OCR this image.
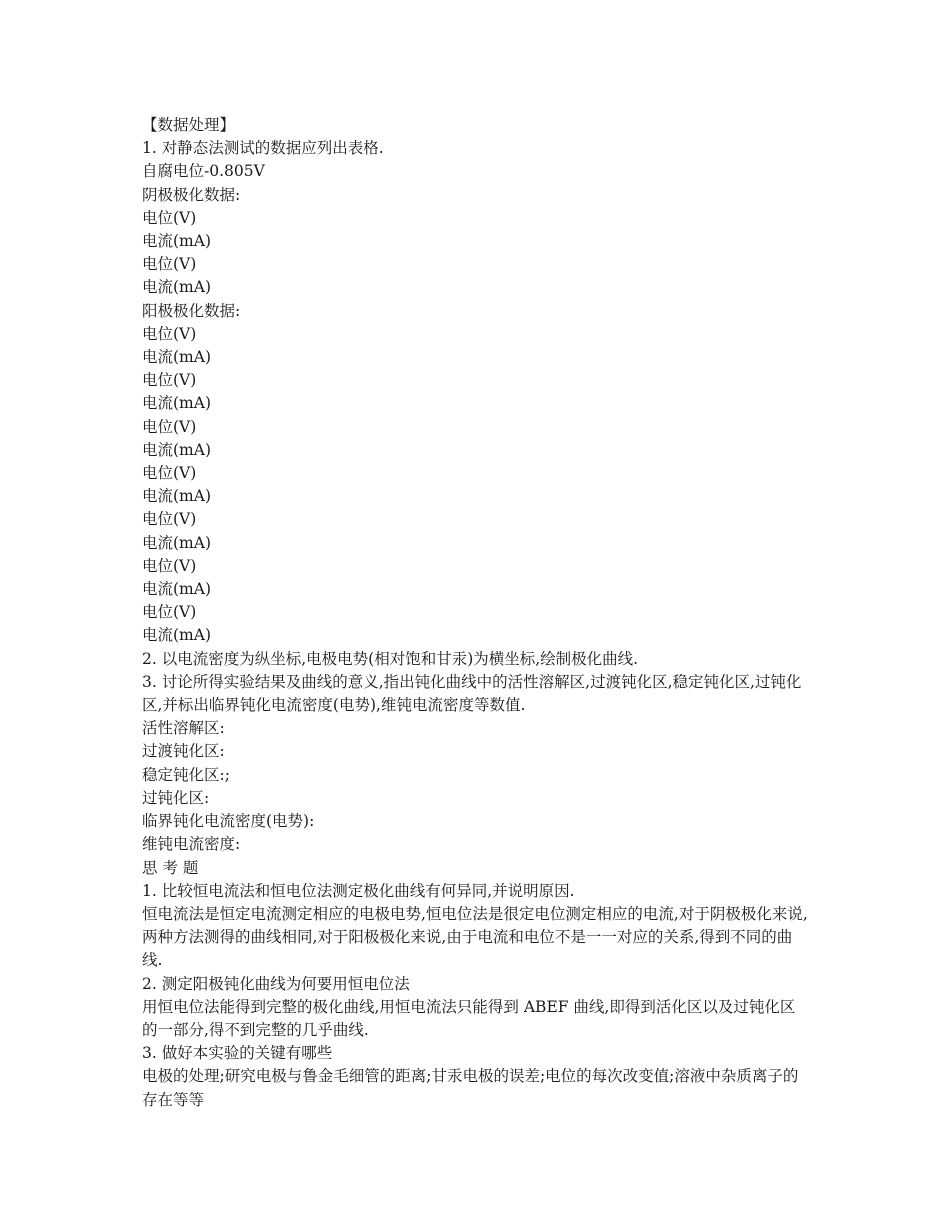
【数据处理】
1. 对静态法测试的数据应列出表格.
自腐电位-0.805V
阴极极化数据:
电位(V)
电流(mA)
电位(V)
电流(mA)
阳极极化数据:
电位(V)
电流(mA)
电位(V)
电流(mA)
电位(V)
电流(mA)
电位(V)
电流(mA)
电位(V)
电流(mA)
电位(V)
电流(mA)
电位(V)
电流(mA)
2. 以电流密度为纵坐标,电极电势(相对饱和甘汞)为横坐标,绘制极化曲线.
3. 讨论所得实验结果及曲线的意义,指出钝化曲线中的活性溶解区,过渡钝化区,稳定钝化区,过钝化区,并标出临界钝化电流密度(电势),维钝电流密度等数值.
活性溶解区:
过渡钝化区:
稳定钝化区:;
过钝化区:
临界钝化电流密度(电势):
维钝电流密度:
思 考 题
1. 比较恒电流法和恒电位法测定极化曲线有何异同,并说明原因.
恒电流法是恒定电流测定相应的电极电势,恒电位法是很定电位测定相应的电流,对于阴极极化来说,两种方法测得的曲线相同,对于阳极极化来说,由于电流和电位不是一一对应的关系,得到不同的曲线.
2. 测定阳极钝化曲线为何要用恒电位法
用恒电位法能得到完整的极化曲线,用恒电流法只能得到 ABEF 曲线,即得到活化区以及过钝化区的一部分,得不到完整的几乎曲线.
3. 做好本实验的关键有哪些
电极的处理;研究电极与鲁金毛细管的距离;甘汞电极的误差;电位的每次改变值;溶液中杂质离子的存在等等
